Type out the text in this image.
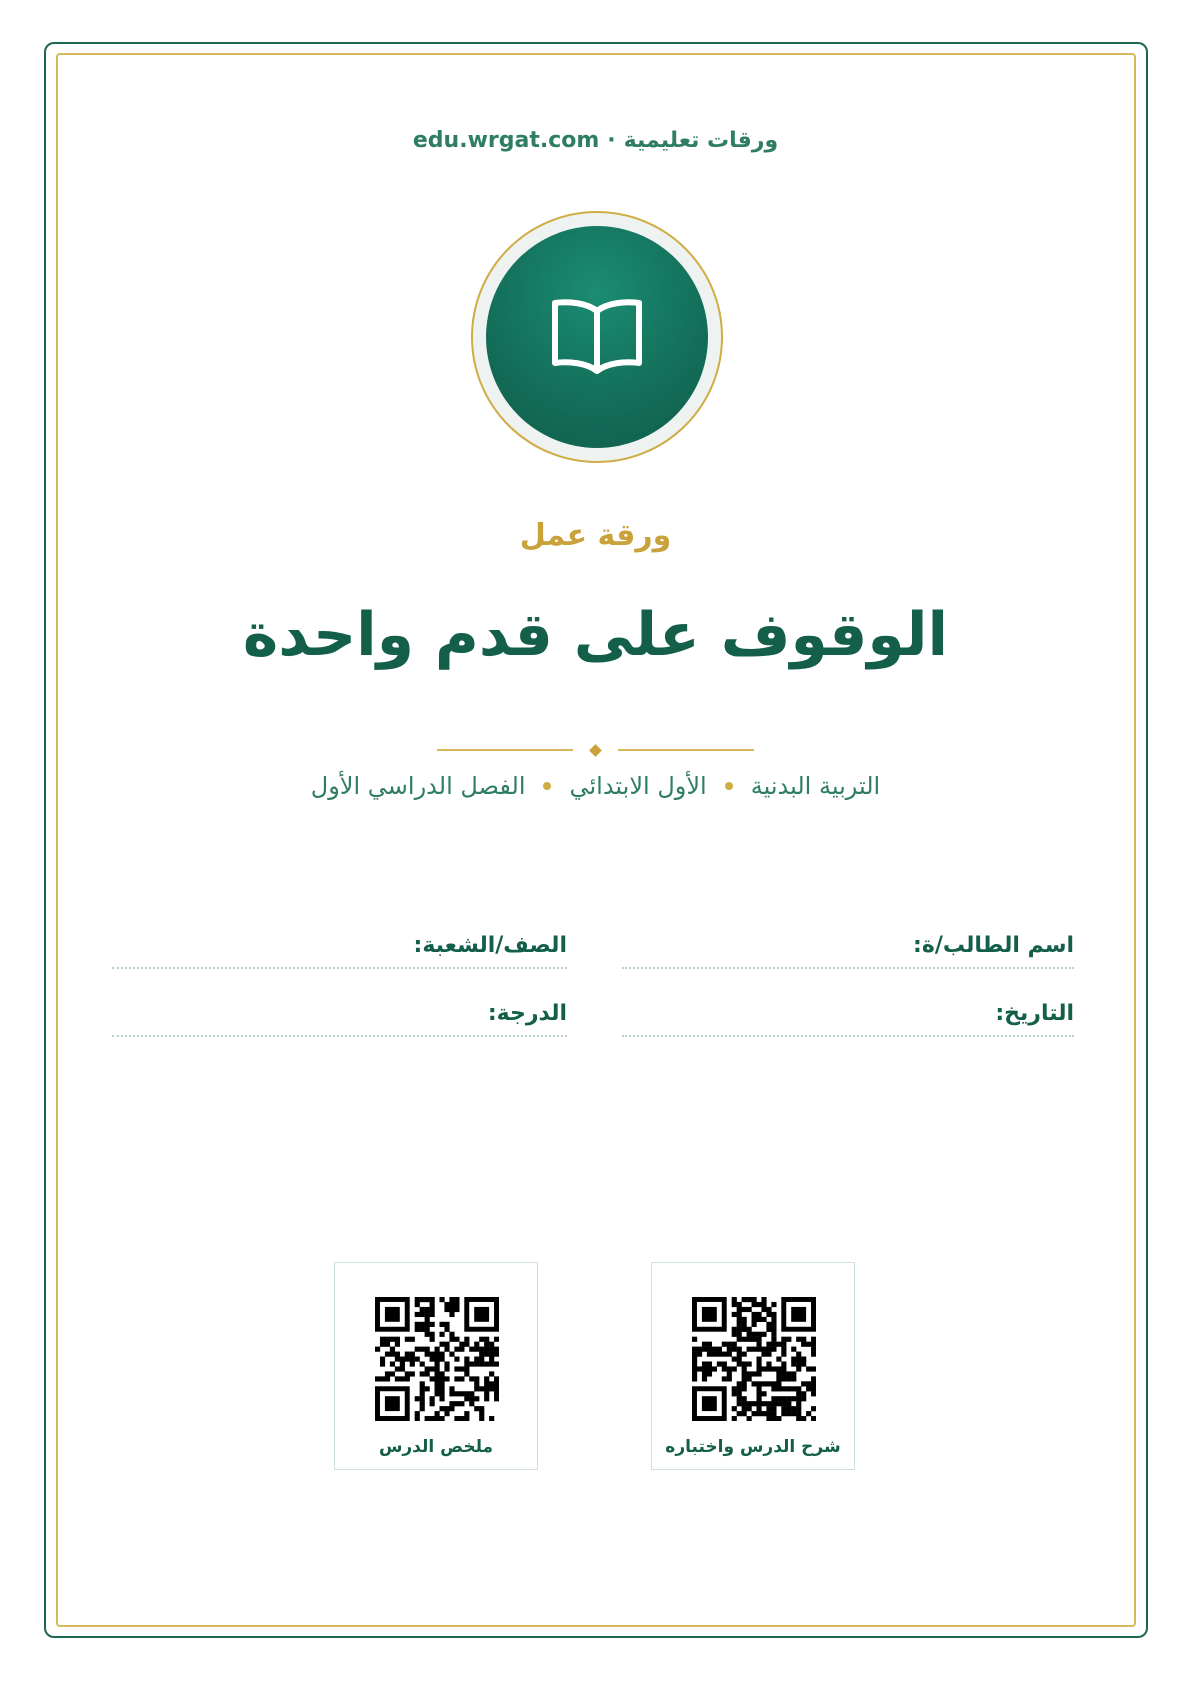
ورقات تعليمية
·
edu.wrgat.com
ورقة عمل
الوقوف على قدم واحدة
التربية البدنية
الأول الابتدائي
الفصل الدراسي الأول
اسم الطالب/ة:
الصف/الشعبة:
التاريخ:
الدرجة:
شرح الدرس واختباره
ملخص الدرس
